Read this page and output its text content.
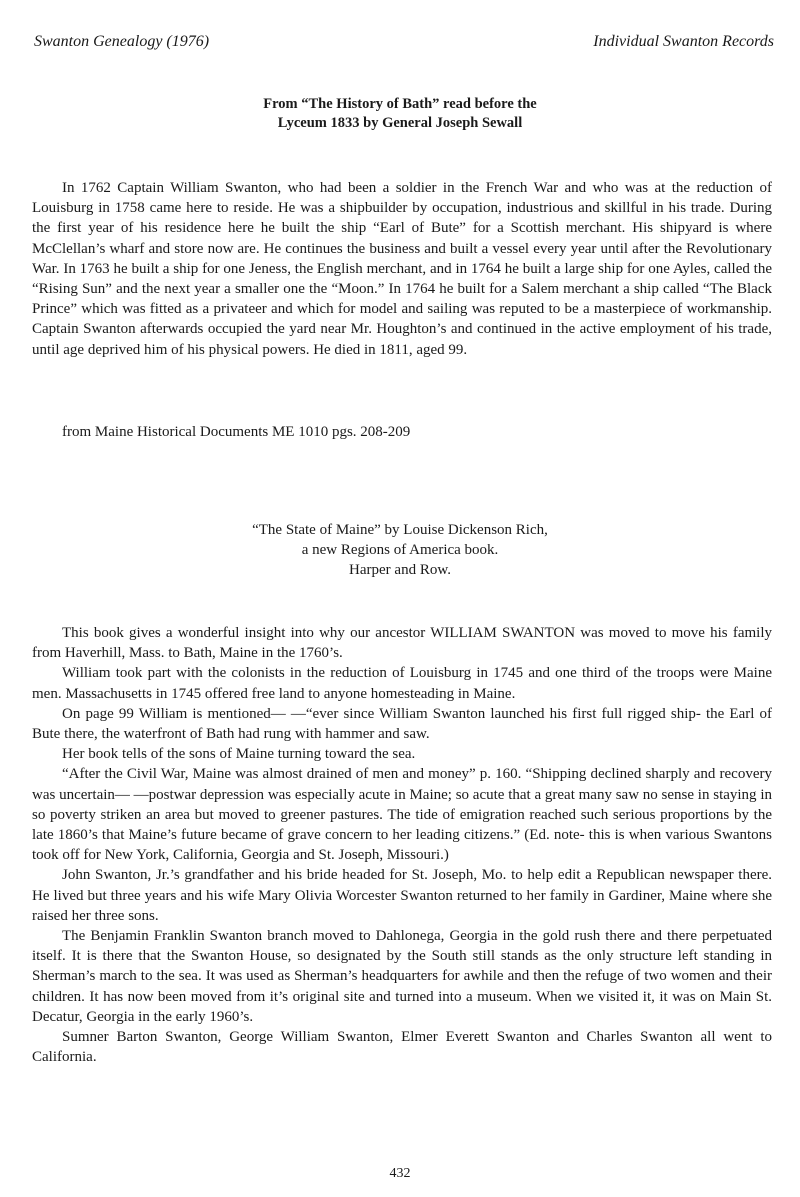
Swanton Genealogy (1976)	Individual Swanton Records
From “The History of Bath” read before the
Lyceum 1833 by General Joseph Sewall

In 1762 Captain William Swanton, who had been a soldier in the French War and who was at the reduction of Louisburg in 1758 came here to reside. He was a shipbuilder by occupation, industrious and skillful in his trade. During the first year of his residence here he built the ship “Earl of Bute” for a Scottish merchant. His shipyard is where McClellan’s wharf and store now are. He continues the business and built a vessel every year until after the Revolutionary War. In 1763 he built a ship for one Jeness, the English merchant, and in 1764 he built a large ship for one Ayles, called the “Rising Sun” and the next year a smaller one the “Moon.” In 1764 he built for a Salem merchant a ship called “The Black Prince” which was fitted as a privateer and which for model and sailing was reputed to be a masterpiece of workmanship. Captain Swanton afterwards occupied the yard near Mr. Houghton’s and continued in the active employment of his trade, until age deprived him of his physical powers. He died in 1811, aged 99.

from Maine Historical Documents ME 1010 pgs. 208-209
“The State of Maine” by Louise Dickenson Rich,
a new Regions of America book.
Harper and Row.

This book gives a wonderful insight into why our ancestor WILLIAM SWANTON was moved to move his family from Haverhill, Mass. to Bath, Maine in the 1760’s.

William took part with the colonists in the reduction of Louisburg in 1745 and one third of the troops were Maine men. Massachusetts in 1745 offered free land to anyone homesteading in Maine.

On page 99 William is mentioned— —“ever since William Swanton launched his first full rigged ship- the Earl of Bute there, the waterfront of Bath had rung with hammer and saw.

Her book tells of the sons of Maine turning toward the sea.

“After the Civil War, Maine was almost drained of men and money” p. 160. “Shipping declined sharply and recovery was uncertain— —postwar depression was especially acute in Maine; so acute that a great many saw no sense in staying in so poverty striken an area but moved to greener pastures. The tide of emigration reached such serious proportions by the late 1860’s that Maine’s future became of grave concern to her leading citizens.” (Ed. note- this is when various Swantons took off for New York, California, Georgia and St. Joseph, Missouri.)

John Swanton, Jr.’s grandfather and his bride headed for St. Joseph, Mo. to help edit a Republican newspaper there. He lived but three years and his wife Mary Olivia Worcester Swanton returned to her family in Gardiner, Maine where she raised her three sons.

The Benjamin Franklin Swanton branch moved to Dahlonega, Georgia in the gold rush there and there perpetuated itself. It is there that the Swanton House, so designated by the South still stands as the only structure left standing in Sherman’s march to the sea. It was used as Sherman’s headquarters for awhile and then the refuge of two women and their children. It has now been moved from it’s original site and turned into a museum. When we visited it, it was on Main St. Decatur, Georgia in the early 1960’s.

Sumner Barton Swanton, George William Swanton, Elmer Everett Swanton and Charles Swanton all went to California.

432
